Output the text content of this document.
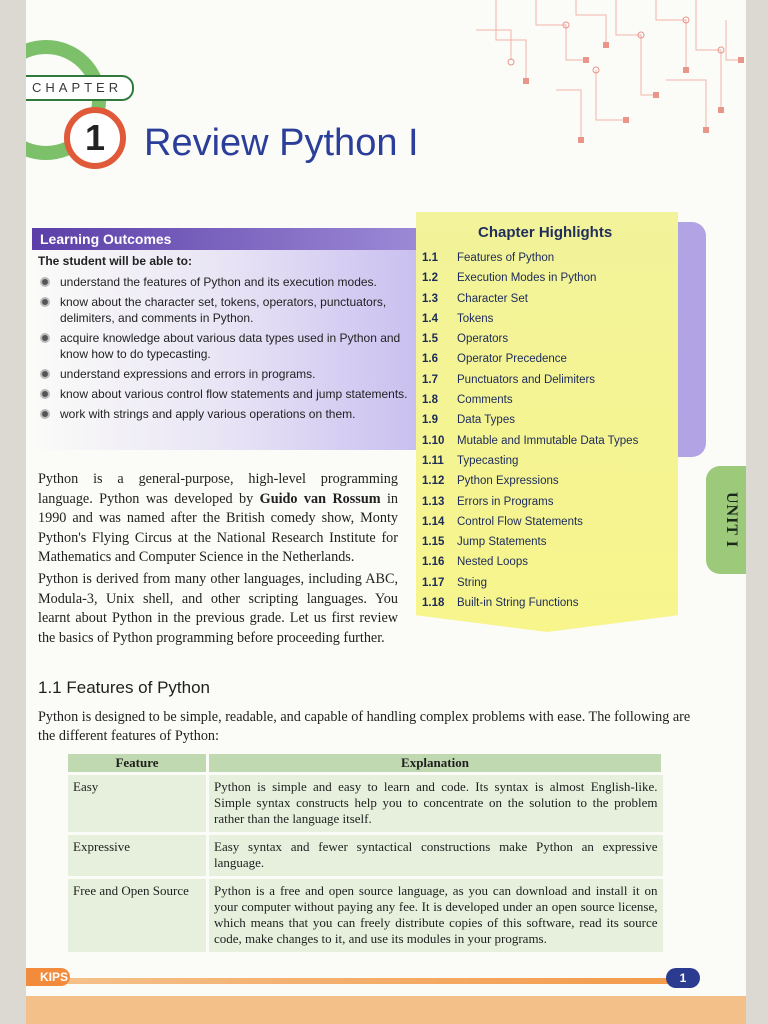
CHAPTER
1	Review Python I
Learning Outcomes
The student will be able to:
understand the features of Python and its execution modes.
know about the character set, tokens, operators, punctuators, delimiters, and comments in Python.
acquire knowledge about various data types used in Python and know how to do typecasting.
understand expressions and errors in programs.
know about various control flow statements and jump statements.
work with strings and apply various operations on them.
Chapter Highlights
1.1 Features of Python
1.2 Execution Modes in Python
1.3 Character Set
1.4 Tokens
1.5 Operators
1.6 Operator Precedence
1.7 Punctuators and Delimiters
1.8 Comments
1.9 Data Types
1.10 Mutable and Immutable Data Types
1.11 Typecasting
1.12 Python Expressions
1.13 Errors in Programs
1.14 Control Flow Statements
1.15 Jump Statements
1.16 Nested Loops
1.17 String
1.18 Built-in String Functions
UNIT I

Python is a general-purpose, high-level programming language. Python was developed by Guido van Rossum in 1990 and was named after the British comedy show, Monty Python's Flying Circus at the National Research Institute for Mathematics and Computer Science in the Netherlands.

Python is derived from many other languages, including ABC, Modula-3, Unix shell, and other scripting languages. You learnt about Python in the previous grade. Let us first review the basics of Python programming before proceeding further.

1.1 Features of Python

Python is designed to be simple, readable, and capable of handling complex problems with ease. The following are the different features of Python:

Feature	Explanation
Easy	Python is simple and easy to learn and code. Its syntax is almost English-like. Simple syntax constructs help you to concentrate on the solution to the problem rather than the language itself.
Expressive	Easy syntax and fewer syntactical constructions make Python an expressive language.
Free and Open Source	Python is a free and open source language, as you can download and install it on your computer without paying any fee. It is developed under an open source license, which means that you can freely distribute copies of this software, read its source code, make changes to it, and use its modules in your programs.
KIPS	1
